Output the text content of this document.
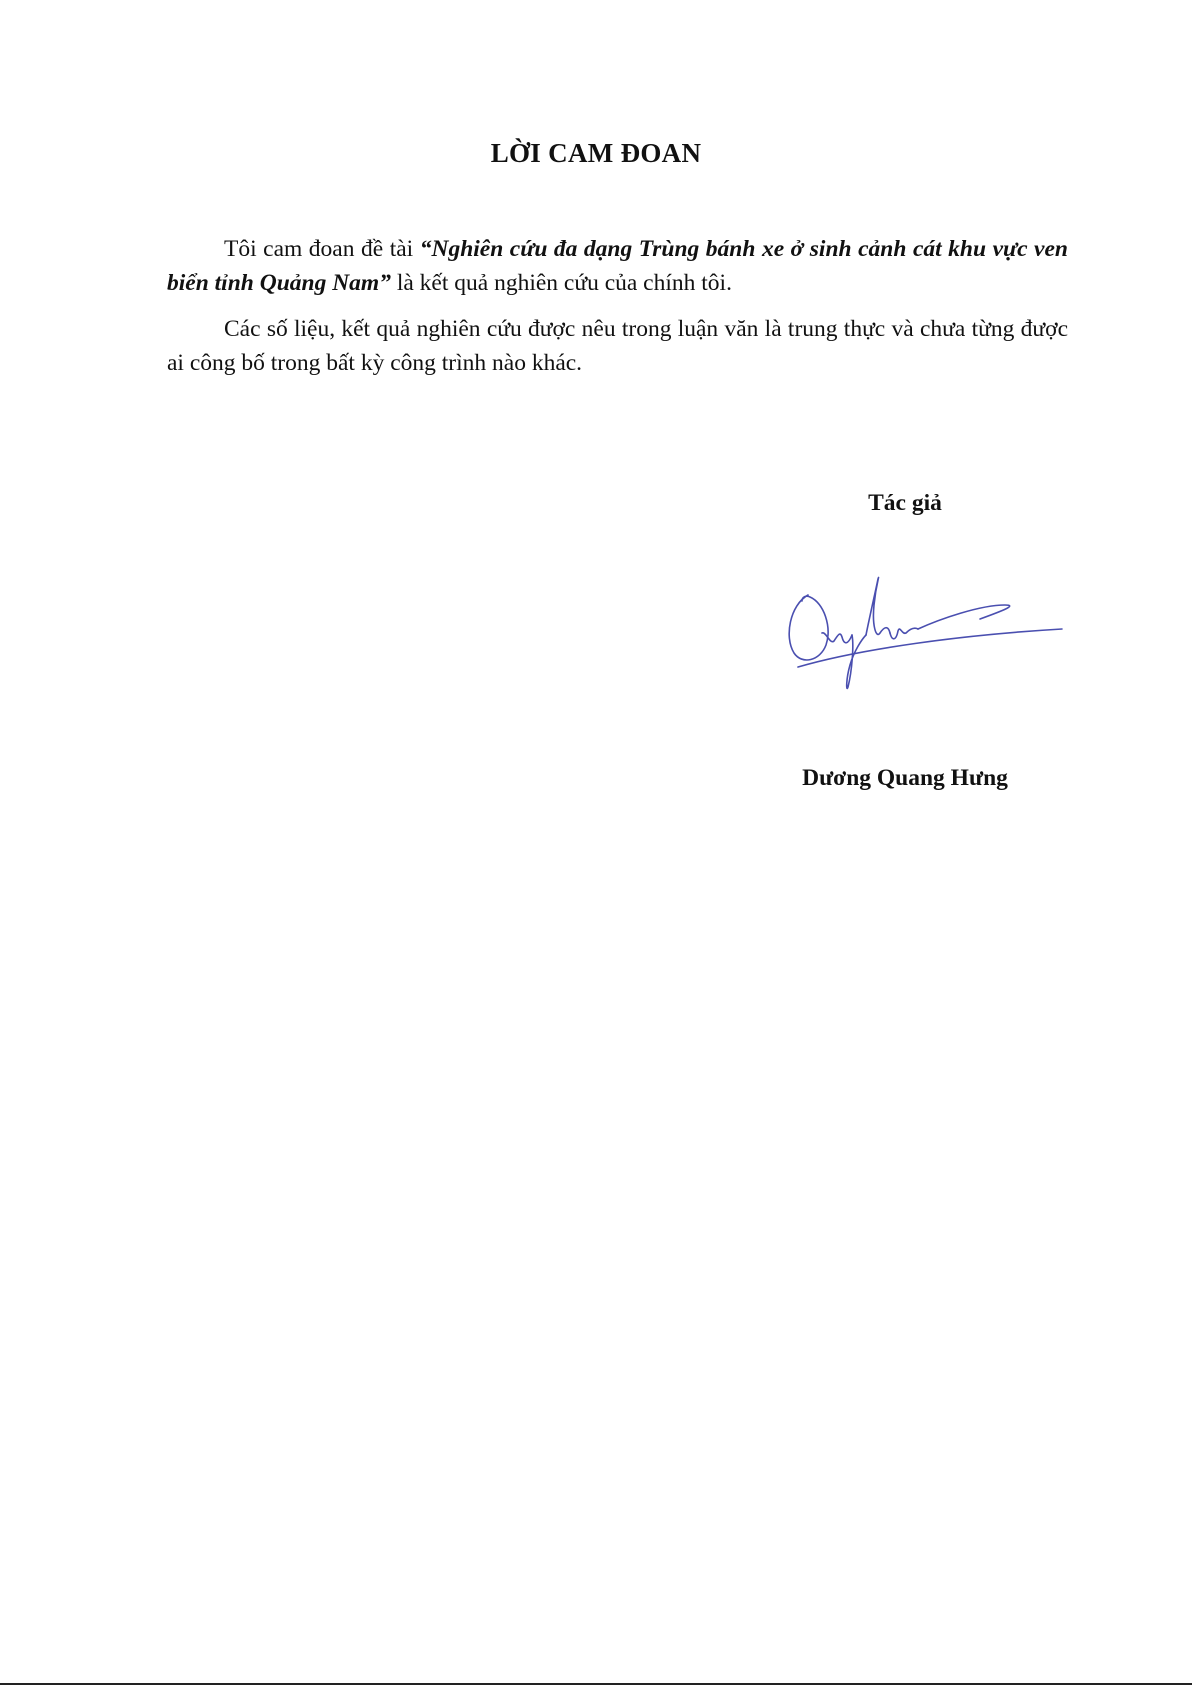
LỜI CAM ĐOAN

Tôi cam đoan đề tài “Nghiên cứu đa dạng Trùng bánh xe ở sinh cảnh cát khu vực ven biển tỉnh Quảng Nam” là kết quả nghiên cứu của chính tôi.

Các số liệu, kết quả nghiên cứu được nêu trong luận văn là trung thực và chưa từng được ai công bố trong bất kỳ công trình nào khác.

Tác giả
Dương Quang Hưng
